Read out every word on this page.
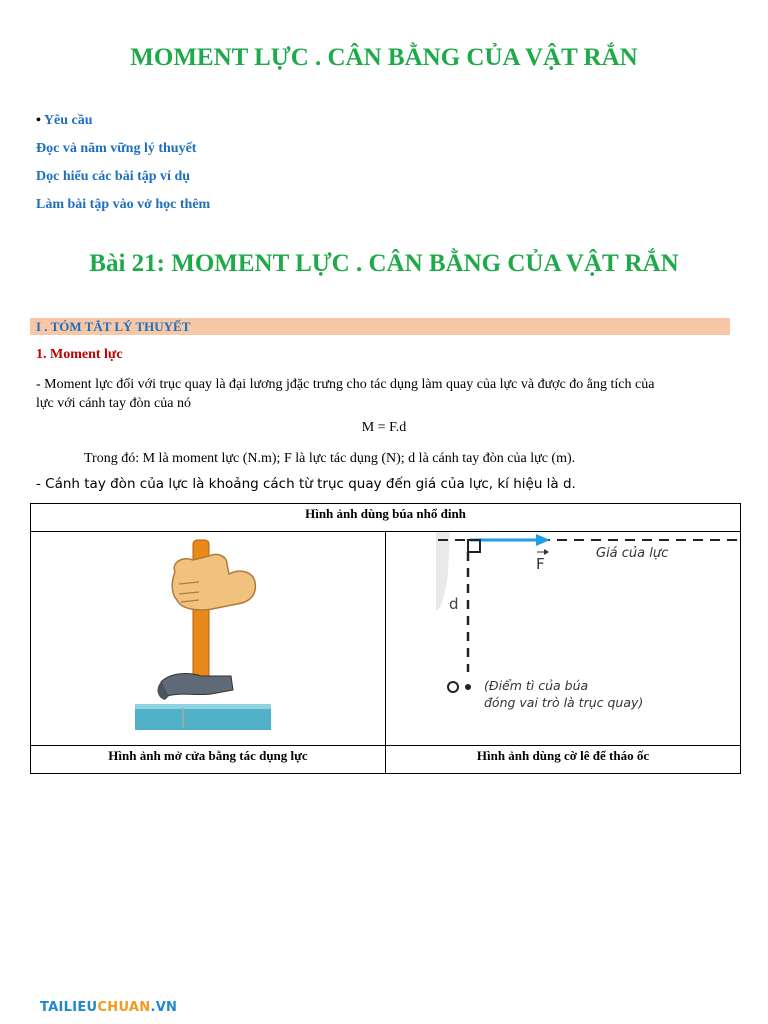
MOMENT LỰC . CÂN BẰNG CỦA VẬT RẮN
• Yêu cầu
Đọc và năm vững lý thuyết
Dọc hiểu các bài tập ví dụ
Làm bài tập vào vở học thêm
Bài 21: MOMENT LỰC . CÂN BẰNG CỦA VẬT RẮN
I . TÓM TẮT LÝ THUYẾT
1. Moment lực
- Moment lực đối với trục quay là đại lương jđặc trưng cho tác dụng làm quay của lực và được đo ằng tích của
lực với cánh tay đòn của nó
M = F.d
Trong đó: M là moment lực (N.m); F là lực tác dụng (N); d là cánh tay đòn của lực (m).
- Cánh tay đòn của lực là khoảng cách từ trục quay đến giá của lực, kí hiệu là d.
Hình ảnh dùng búa nhổ đinh	

F
Giá của lực
d
(Điểm tì của búa
đóng vai trò là trục quay)

Hình ảnh mở cửa bằng tác dụng lực	Hình ảnh dùng cờ lê để tháo ốc
TAILIEUCHUAN.VN
